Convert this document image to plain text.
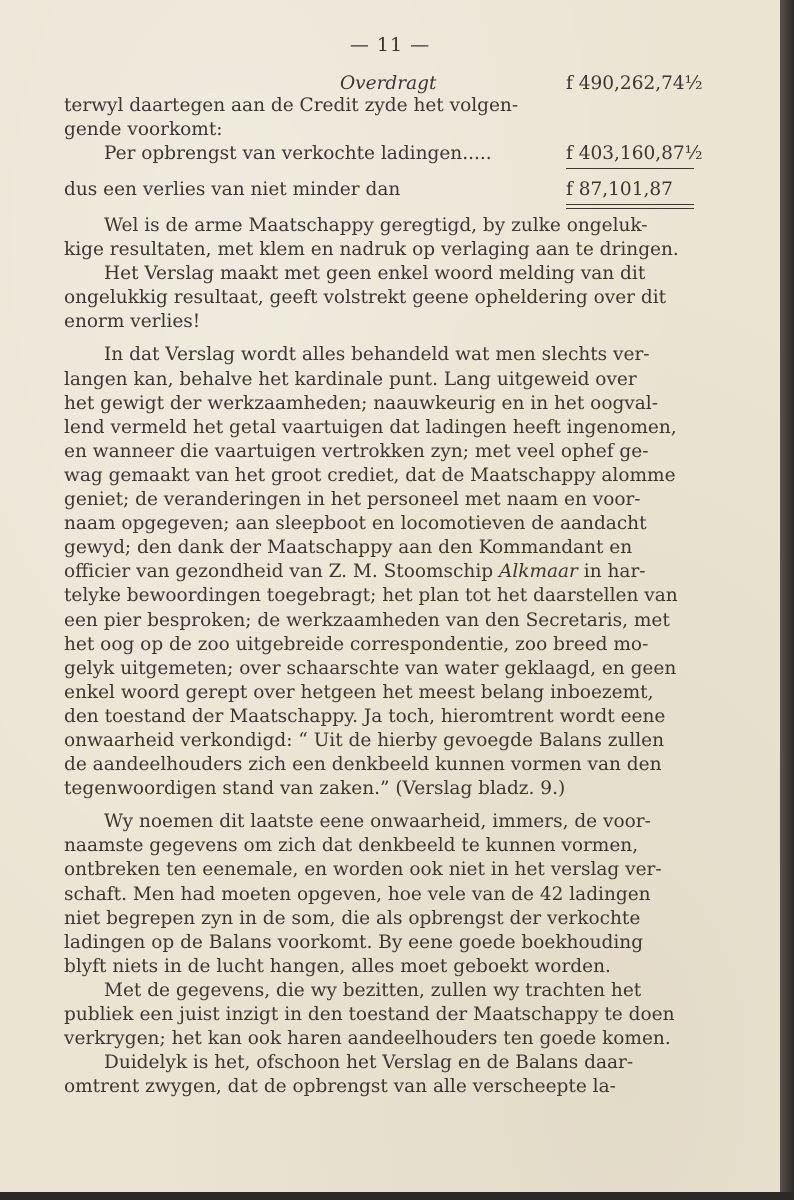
— 11 —
Overdragt	f 490,262,74½
terwyl daartegen aan de Credit zyde het volgen-
gende voorkomt:
Per opbrengst van verkochte ladingen.....	f 403,160,87½
dus een verlies van niet minder dan	f 87,101,87

Wel is de arme Maatschappy geregtigd, by zulke ongeluk-
kige resultaten, met klem en nadruk op verlaging aan te dringen.

Het Verslag maakt met geen enkel woord melding van dit
ongelukkig resultaat, geeft volstrekt geene opheldering over dit
enorm verlies!

In dat Verslag wordt alles behandeld wat men slechts ver-
langen kan, behalve het kardinale punt. Lang uitgeweid over
het gewigt der werkzaamheden; naauwkeurig en in het oogval-
lend vermeld het getal vaartuigen dat ladingen heeft ingenomen,
en wanneer die vaartuigen vertrokken zyn; met veel ophef ge-
wag gemaakt van het groot crediet, dat de Maatschappy alomme
geniet; de veranderingen in het personeel met naam en voor-
naam opgegeven; aan sleepboot en locomotieven de aandacht
gewyd; den dank der Maatschappy aan den Kommandant en
officier van gezondheid van Z. M. Stoomschip Alkmaar in har-
telyke bewoordingen toegebragt; het plan tot het daarstellen van
een pier besproken; de werkzaamheden van den Secretaris, met
het oog op de zoo uitgebreide correspondentie, zoo breed mo-
gelyk uitgemeten; over schaarschte van water geklaagd, en geen
enkel woord gerept over hetgeen het meest belang inboezemt,
den toestand der Maatschappy. Ja toch, hieromtrent wordt eene
onwaarheid verkondigd: “ Uit de hierby gevoegde Balans zullen
de aandeelhouders zich een denkbeeld kunnen vormen van den
tegenwoordigen stand van zaken.” (Verslag bladz. 9.)

Wy noemen dit laatste eene onwaarheid, immers, de voor-
naamste gegevens om zich dat denkbeeld te kunnen vormen,
ontbreken ten eenemale, en worden ook niet in het verslag ver-
schaft. Men had moeten opgeven, hoe vele van de 42 ladingen
niet begrepen zyn in de som, die als opbrengst der verkochte
ladingen op de Balans voorkomt. By eene goede boekhouding
blyft niets in de lucht hangen, alles moet geboekt worden.

Met de gegevens, die wy bezitten, zullen wy trachten het
publiek een juist inzigt in den toestand der Maatschappy te doen
verkrygen; het kan ook haren aandeelhouders ten goede komen.

Duidelyk is het, ofschoon het Verslag en de Balans daar-
omtrent zwygen, dat de opbrengst van alle verscheepte la-
